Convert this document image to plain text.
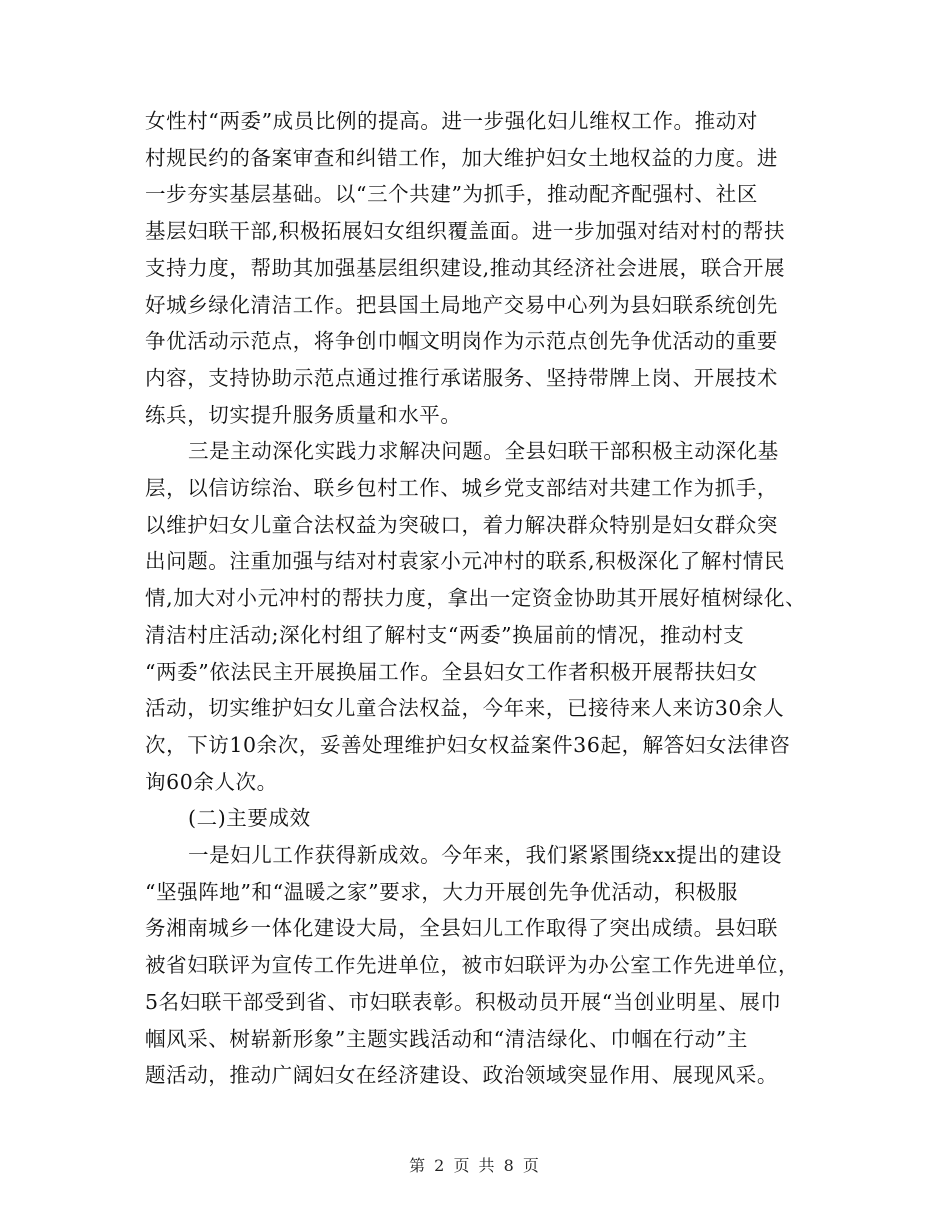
女性村“两委”成员比例的提高。进一步强化妇儿维权工作。推动对
村规民约的备案审查和纠错工作，加大维护妇女土地权益的力度。进
一步夯实基层基础。以“三个共建”为抓手，推动配齐配强村、社区
基层妇联干部,积极拓展妇女组织覆盖面。进一步加强对结对村的帮扶
支持力度，帮助其加强基层组织建设,推动其经济社会进展，联合开展
好城乡绿化清洁工作。把县国土局地产交易中心列为县妇联系统创先
争优活动示范点，将争创巾帼文明岗作为示范点创先争优活动的重要
内容，支持协助示范点通过推行承诺服务、坚持带牌上岗、开展技术
练兵，切实提升服务质量和水平。
三是主动深化实践力求解决问题。全县妇联干部积极主动深化基
层，以信访综治、联乡包村工作、城乡党支部结对共建工作为抓手，
以维护妇女儿童合法权益为突破口，着力解决群众特别是妇女群众突
出问题。注重加强与结对村袁家小元冲村的联系,积极深化了解村情民
情,加大对小元冲村的帮扶力度，拿出一定资金协助其开展好植树绿化、
清洁村庄活动;深化村组了解村支“两委”换届前的情况，推动村支
“两委”依法民主开展换届工作。全县妇女工作者积极开展帮扶妇女
活动，切实维护妇女儿童合法权益，今年来，已接待来人来访30余人
次，下访10余次，妥善处理维护妇女权益案件36起，解答妇女法律咨
询60余人次。
(二)主要成效
一是妇儿工作获得新成效。今年来，我们紧紧围绕xx提出的建设
“坚强阵地”和“温暖之家”要求，大力开展创先争优活动，积极服
务湘南城乡一体化建设大局，全县妇儿工作取得了突出成绩。县妇联
被省妇联评为宣传工作先进单位，被市妇联评为办公室工作先进单位，
5名妇联干部受到省、市妇联表彰。积极动员开展“当创业明星、展巾
帼风采、树崭新形象”主题实践活动和“清洁绿化、巾帼在行动”主
题活动，推动广阔妇女在经济建设、政治领域突显作用、展现风采。
第 2 页 共 8 页
